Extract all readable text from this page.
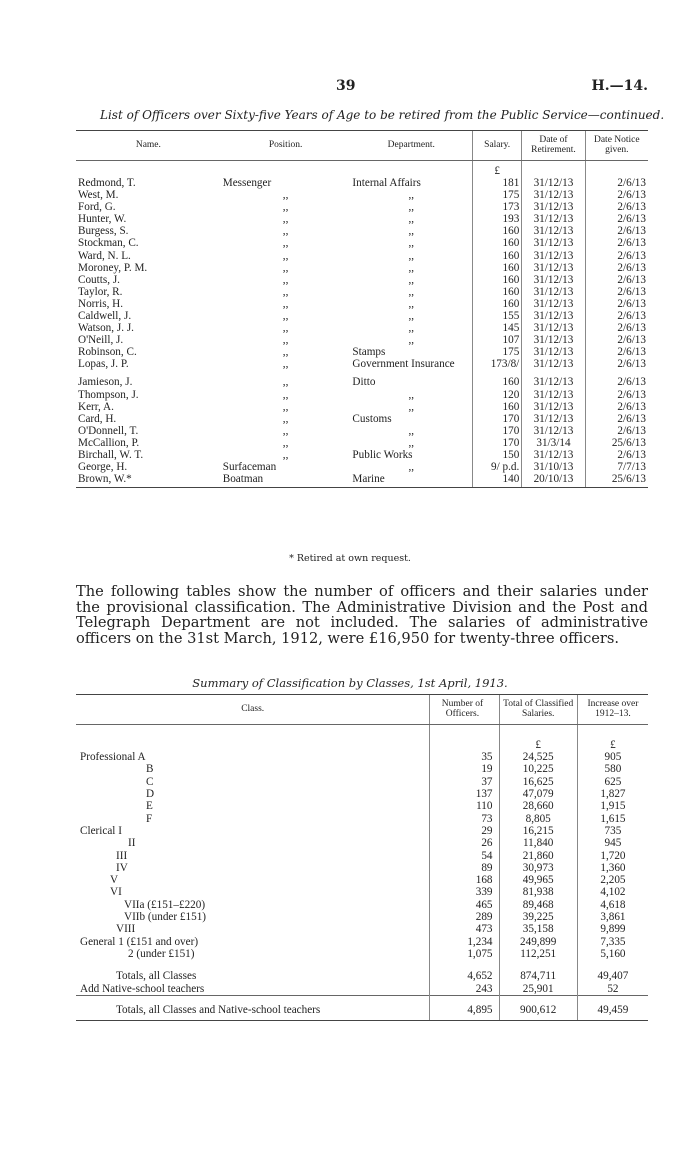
39	H.—14.
List of Officers over Sixty-five Years of Age to be retired from the Public Service—continued.
Name.	Position.	Department.	Salary.	Date of Retirement.	Date Notice given.
			£		
Redmond, T.	Messenger	Internal Affairs	181	31/12/13	2/6/13
West, M.	,,	,,	175	31/12/13	2/6/13
Ford, G.	,,	,,	173	31/12/13	2/6/13
Hunter, W.	,,	,,	193	31/12/13	2/6/13
Burgess, S.	,,	,,	160	31/12/13	2/6/13
Stockman, C.	,,	,,	160	31/12/13	2/6/13
Ward, N. L.	,,	,,	160	31/12/13	2/6/13
Moroney, P. M.	,,	,,	160	31/12/13	2/6/13
Coutts, J.	,,	,,	160	31/12/13	2/6/13
Taylor, R.	,,	,,	160	31/12/13	2/6/13
Norris, H.	,,	,,	160	31/12/13	2/6/13
Caldwell, J.	,,	,,	155	31/12/13	2/6/13
Watson, J. J.	,,	,,	145	31/12/13	2/6/13
O'Neill, J.	,,	,,	107	31/12/13	2/6/13
Robinson, C.	,,	Stamps	175	31/12/13	2/6/13
Lopas, J. P.	,,	Government Insurance	173/8/	31/12/13	2/6/13
Jamieson, J.	,,	Ditto	160	31/12/13	2/6/13
Thompson, J.	,,	,,	120	31/12/13	2/6/13
Kerr, A.	,,	,,	160	31/12/13	2/6/13
Card, H.	,,	Customs	170	31/12/13	2/6/13
O'Donnell, T.	,,	,,	170	31/12/13	2/6/13
McCallion, P.	,,	,,	170	31/3/14	25/6/13
Birchall, W. T.	,,	Public Works	150	31/12/13	2/6/13
George, H.	Surfaceman	,,	9/ p.d.	31/10/13	7/7/13
Brown, W.*	Boatman	Marine	140	20/10/13	25/6/13
* Retired at own request.
The following tables show the number of officers and their salaries under the provisional classification. The Administrative Division and the Post and Telegraph Department are not included. The salaries of administrative officers on the 31st March, 1912, were £16,950 for twenty-three officers.
Summary of Classification by Classes, 1st April, 1913.
Class.	Number of Officers.	Total of Classified Salaries.	Increase over 1912–13.
		£	£
Professional A	35	24,525	905
B	19	10,225	580
C	37	16,625	625
D	137	47,079	1,827
E	110	28,660	1,915
F	73	8,805	1,615
Clerical I	29	16,215	735
II	26	11,840	945
III	54	21,860	1,720
IV	89	30,973	1,360
V	168	49,965	2,205
VI	339	81,938	4,102
VIIa (£151–£220)	465	89,468	4,618
VIIb (under £151)	289	39,225	3,861
VIII	473	35,158	9,899
General 1 (£151 and over)	1,234	249,899	7,335
2 (under £151)	1,075	112,251	5,160
Totals, all Classes	4,652	874,711	49,407
Add Native-school teachers	243	25,901	52
Totals, all Classes and Native-school teachers	4,895	900,612	49,459
